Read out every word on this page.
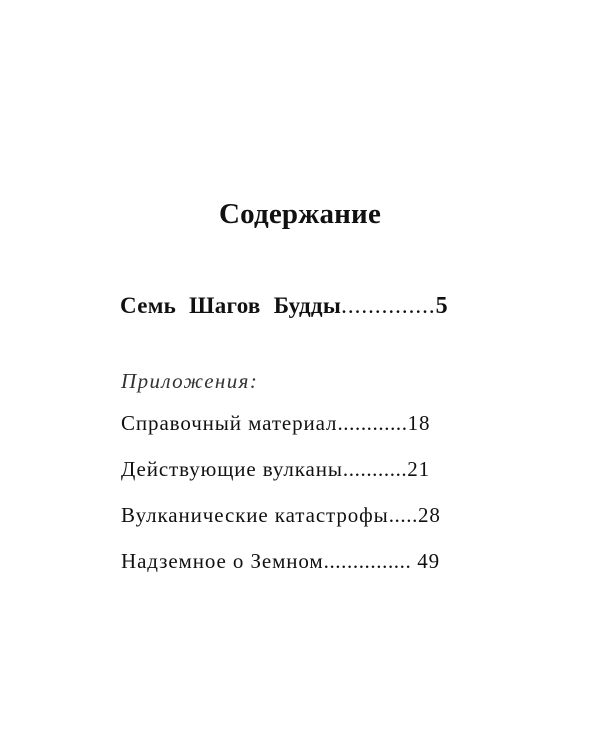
Содержание
Семь Шагов Будды..............5
Приложения:
Справочный материал............18
Действующие вулканы...........21
Вулканические катастрофы.....28
Надземное о Земном............... 49
